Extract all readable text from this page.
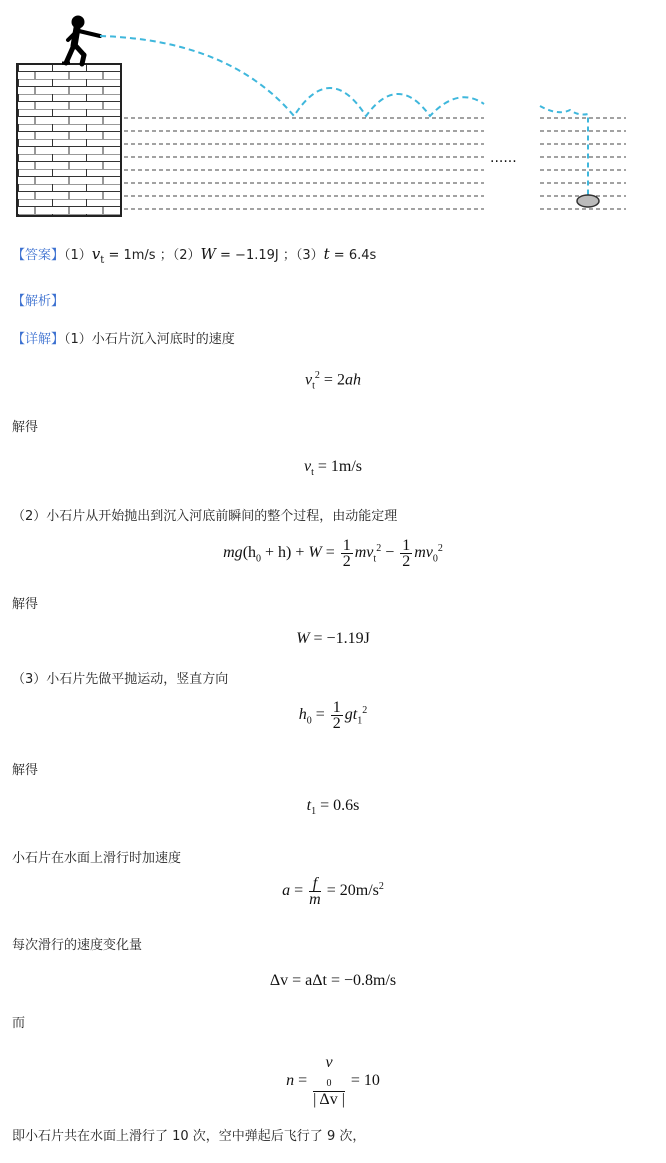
······
【答案】$(1)v_t = 1m/s$ ；（2）W = −1.19J ；（3）t = 6.4s
【解析】
【详解】（1）小石片沉入河底时的速度
$v_t^2 = 2ah$
解得
$v_t = 1m/s$
（2）小石片从开始抛出到沉入河底前瞬间的整个过程，由动能定理
$mg(h_0 + h) + W = \frac{1}{2} mv_t^2 - \frac{1}{2} mv_0^2$
解得
W = −1.19J
（3）小石片先做平抛运动，竖直方向
$h_0 = \frac{1}{2} gt_1^2$
解得
$t_1 = 0.6s$
小石片在水面上滑行时加速度
$a = \frac{f}{m} = 20m/s^2$
每次滑行的速度变化量
Δv = aΔt = −0.8m/s
而
n = v
$_0$
| Δv | = 10
即小石片共在水面上滑行了 10 次，空中弹起后飞行了 9 次，
